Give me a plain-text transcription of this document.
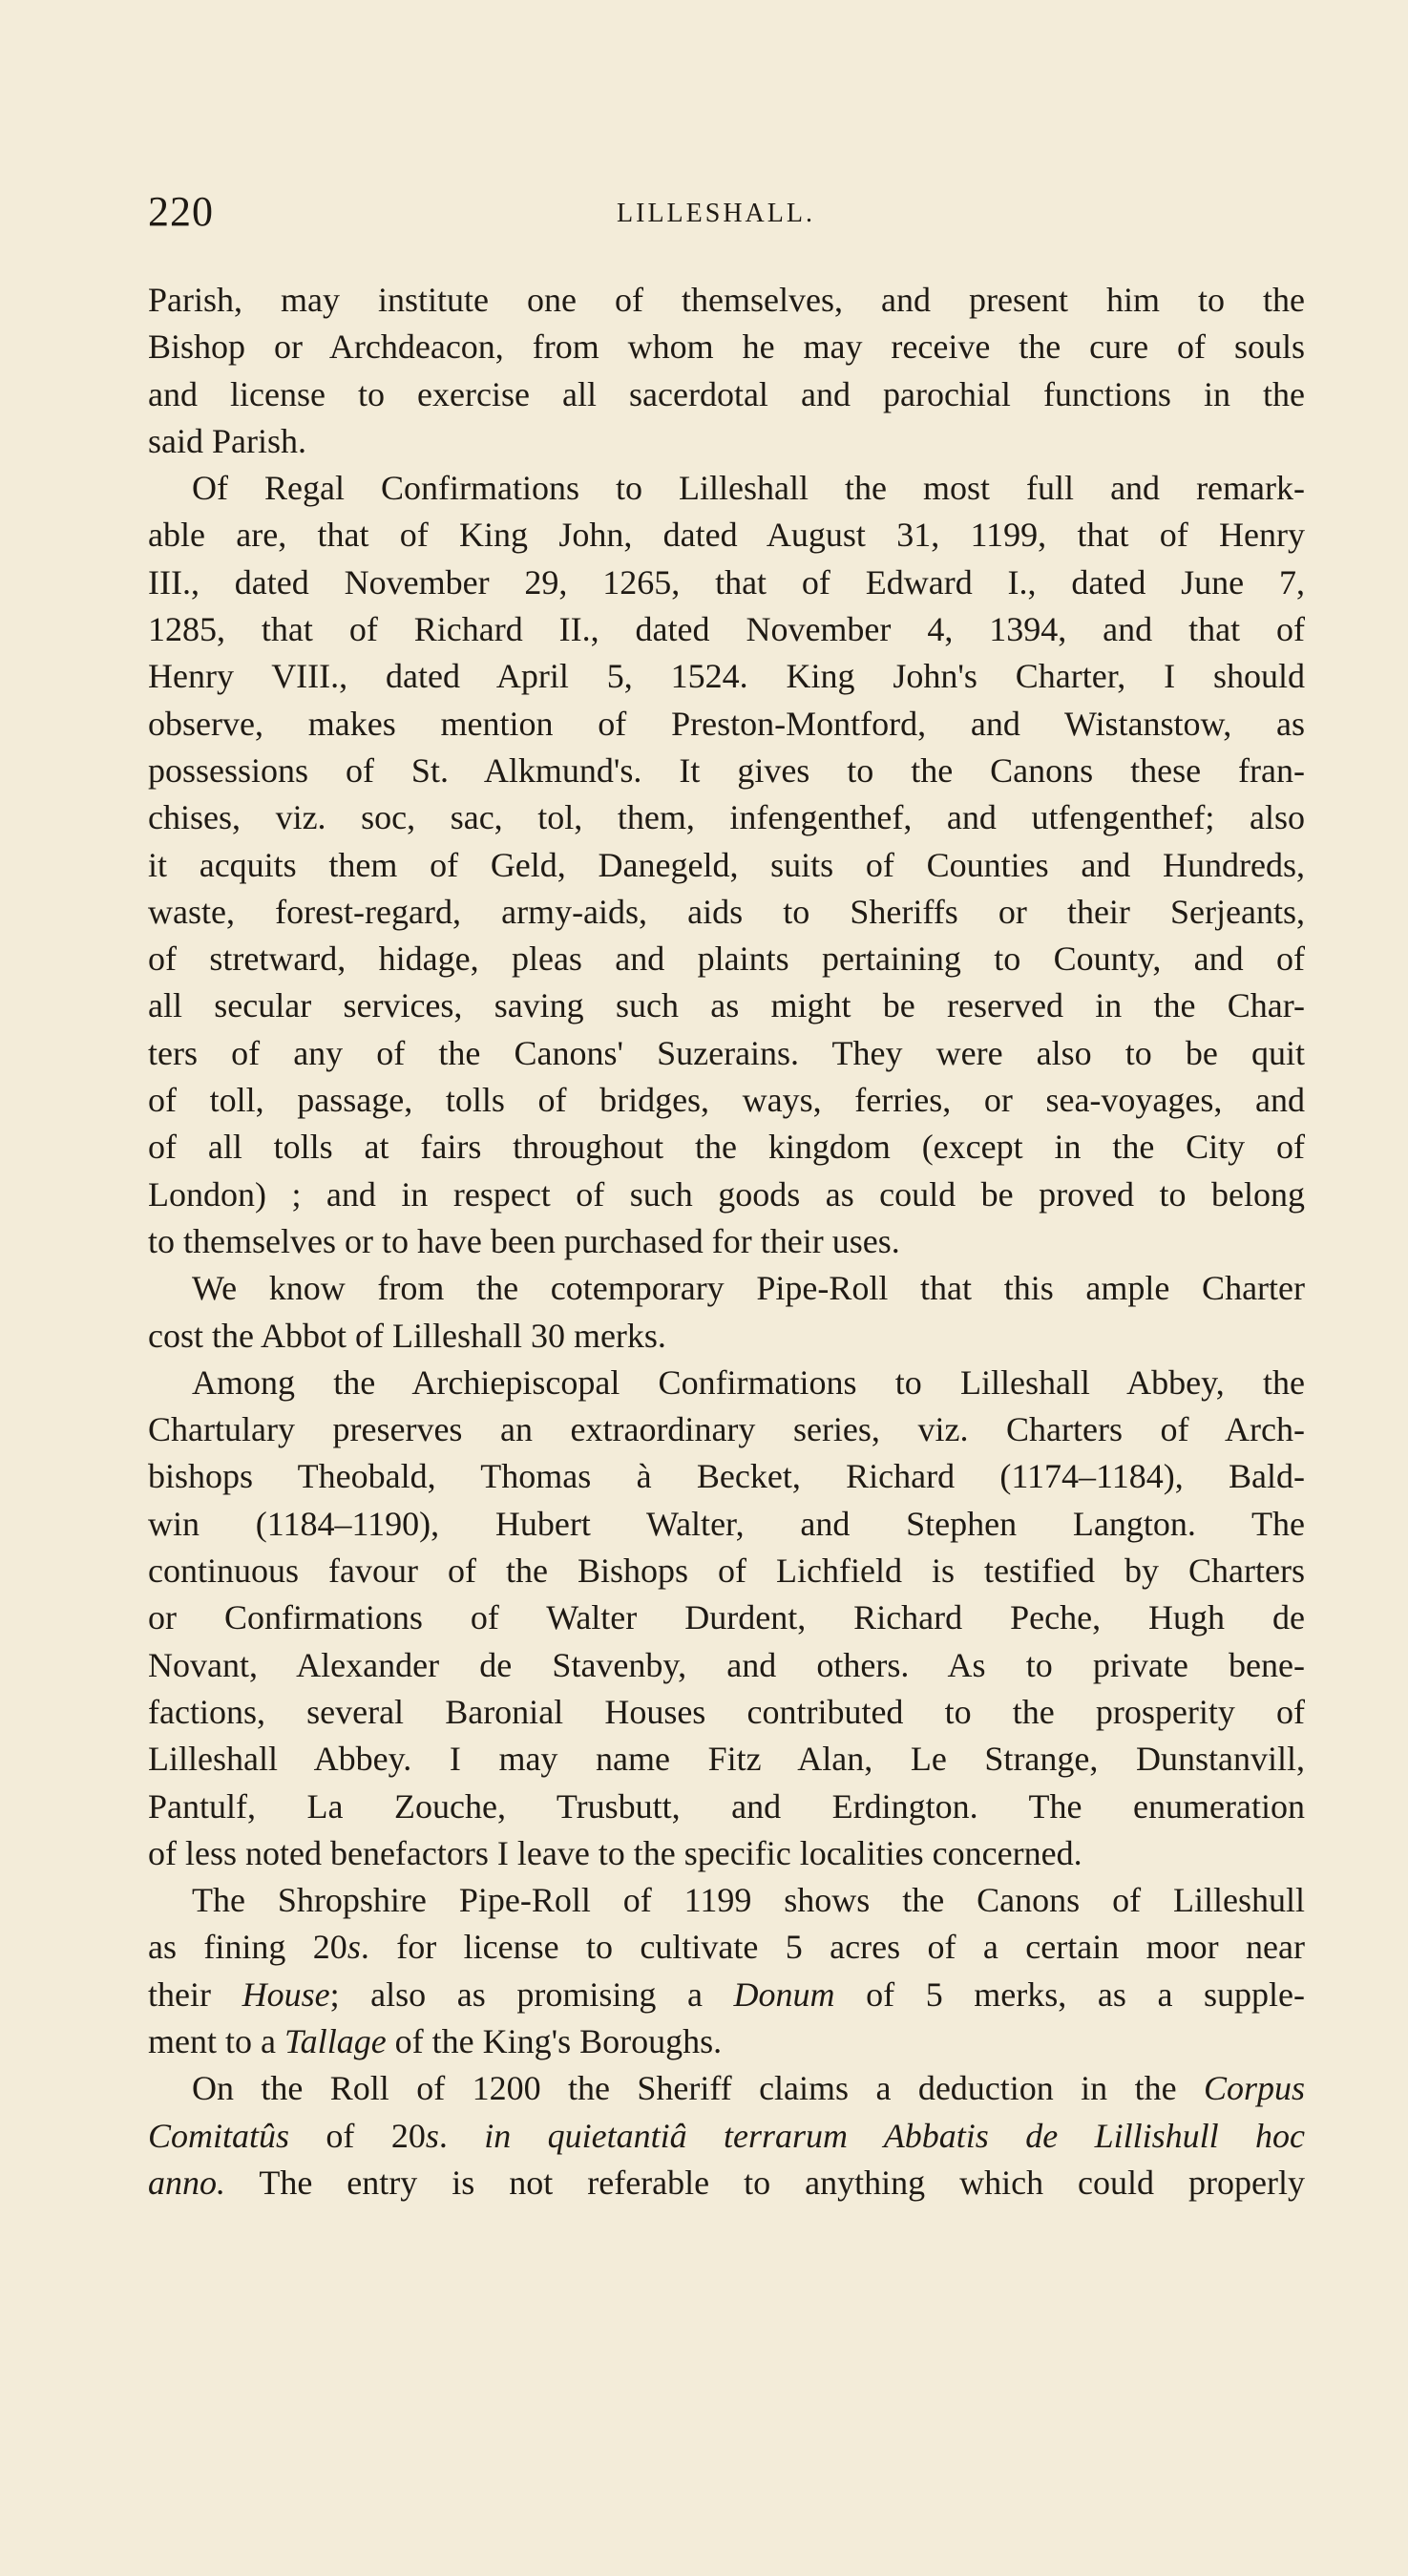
220	LILLESHALL.
Parish, may institute one of themselves, and present him to the
Bishop or Archdeacon, from whom he may receive the cure of souls
and license to exercise all sacerdotal and parochial functions in the
said Parish.
Of Regal Confirmations to Lilleshall the most full and remark-
able are, that of King John, dated August 31, 1199, that of Henry
III., dated November 29, 1265, that of Edward I., dated June 7,
1285, that of Richard II., dated November 4, 1394, and that of
Henry VIII., dated April 5, 1524. King John's Charter, I should
observe, makes mention of Preston-Montford, and Wistanstow, as
possessions of St. Alkmund's. It gives to the Canons these fran-
chises, viz. soc, sac, tol, them, infengenthef, and utfengenthef; also
it acquits them of Geld, Danegeld, suits of Counties and Hundreds,
waste, forest-regard, army-aids, aids to Sheriffs or their Serjeants,
of stretward, hidage, pleas and plaints pertaining to County, and of
all secular services, saving such as might be reserved in the Char-
ters of any of the Canons' Suzerains. They were also to be quit
of toll, passage, tolls of bridges, ways, ferries, or sea-voyages, and
of all tolls at fairs throughout the kingdom (except in the City of
London) ; and in respect of such goods as could be proved to belong
to themselves or to have been purchased for their uses.
We know from the cotemporary Pipe-Roll that this ample Charter
cost the Abbot of Lilleshall 30 merks.
Among the Archiepiscopal Confirmations to Lilleshall Abbey, the
Chartulary preserves an extraordinary series, viz. Charters of Arch-
bishops Theobald, Thomas à Becket, Richard (1174–1184), Bald-
win (1184–1190), Hubert Walter, and Stephen Langton. The
continuous favour of the Bishops of Lichfield is testified by Charters
or Confirmations of Walter Durdent, Richard Peche, Hugh de
Novant, Alexander de Stavenby, and others. As to private bene-
factions, several Baronial Houses contributed to the prosperity of
Lilleshall Abbey. I may name Fitz Alan, Le Strange, Dunstanvill,
Pantulf, La Zouche, Trusbutt, and Erdington. The enumeration
of less noted benefactors I leave to the specific localities concerned.
The Shropshire Pipe-Roll of 1199 shows the Canons of Lilleshull
as fining 20s. for license to cultivate 5 acres of a certain moor near
their House; also as promising a Donum of 5 merks, as a supple-
ment to a Tallage of the King's Boroughs.
On the Roll of 1200 the Sheriff claims a deduction in the Corpus
Comitatûs of 20s. in quietantiâ terrarum Abbatis de Lillishull hoc
anno. The entry is not referable to anything which could properly
